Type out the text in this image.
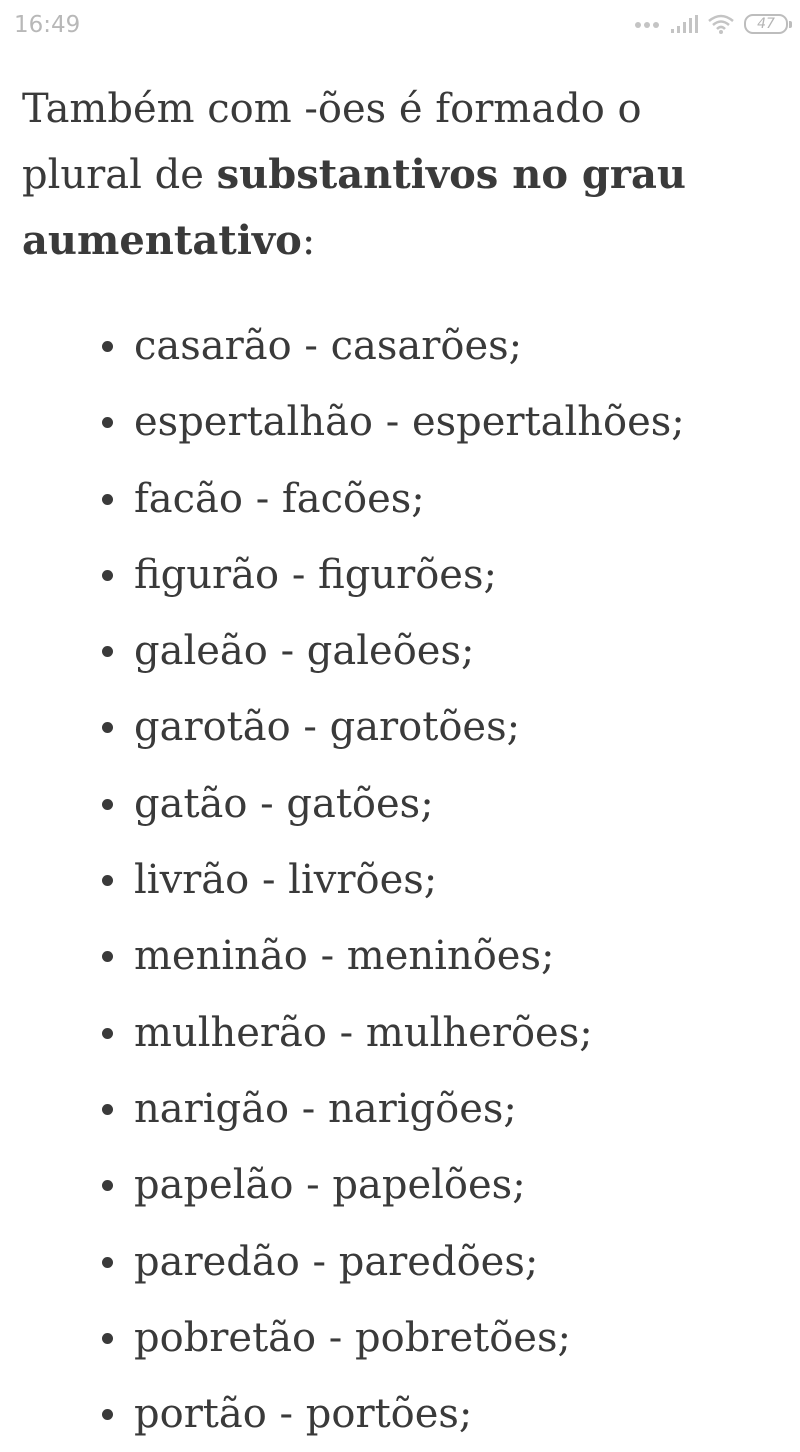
16:49	47

Também com -ões é formado o plural de substantivos no grau aumentativo:

casarão - casarões;
espertalhão - espertalhões;
facão - facões;
figurão - figurões;
galeão - galeões;
garotão - garotões;
gatão - gatões;
livrão - livrões;
meninão - meninões;
mulherão - mulherões;
narigão - narigões;
papelão - papelões;
paredão - paredões;
pobretão - pobretões;
portão - portões;
